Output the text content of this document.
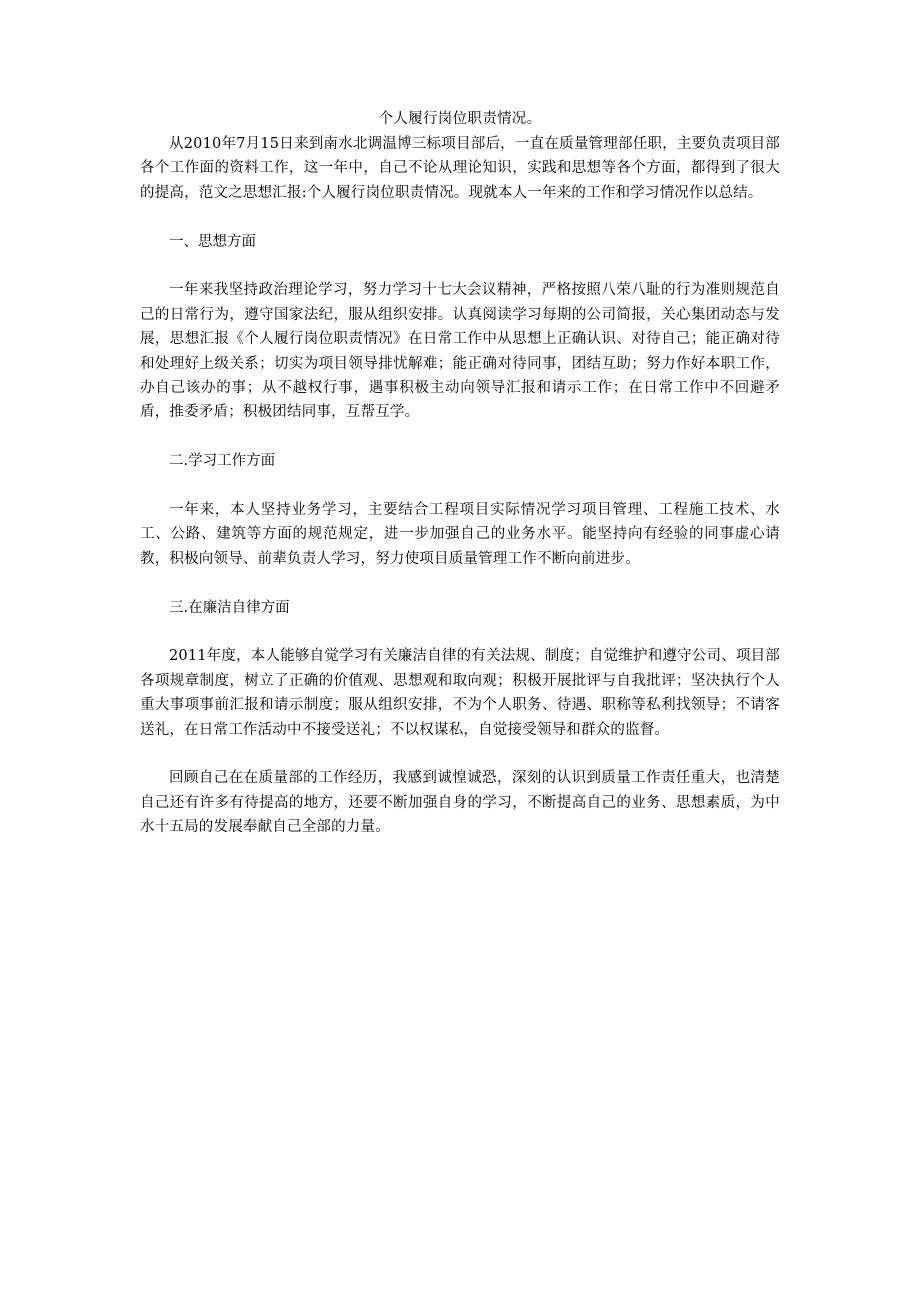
个人履行岗位职责情况。

从2010年7月15日来到南水北调温博三标项目部后，一直在质量管理部任职，主要负责项目部各个工作面的资料工作，这一年中，自己不论从理论知识，实践和思想等各个方面，都得到了很大的提高，范文之思想汇报:个人履行岗位职责情况。现就本人一年来的工作和学习情况作以总结。

一、思想方面

一年来我坚持政治理论学习，努力学习十七大会议精神，严格按照八荣八耻的行为准则规范自己的日常行为，遵守国家法纪，服从组织安排。认真阅读学习每期的公司简报，关心集团动态与发展，思想汇报《个人履行岗位职责情况》在日常工作中从思想上正确认识、对待自己；能正确对待和处理好上级关系；切实为项目领导排忧解难；能正确对待同事，团结互助；努力作好本职工作，办自己该办的事；从不越权行事，遇事积极主动向领导汇报和请示工作；在日常工作中不回避矛盾，推委矛盾；积极团结同事，互帮互学。

二.学习工作方面

一年来，本人坚持业务学习，主要结合工程项目实际情况学习项目管理、工程施工技术、水工、公路、建筑等方面的规范规定，进一步加强自己的业务水平。能坚持向有经验的同事虚心请教，积极向领导、前辈负责人学习，努力使项目质量管理工作不断向前进步。

三.在廉洁自律方面

2011年度，本人能够自觉学习有关廉洁自律的有关法规、制度；自觉维护和遵守公司、项目部各项规章制度，树立了正确的价值观、思想观和取向观；积极开展批评与自我批评；坚决执行个人重大事项事前汇报和请示制度；服从组织安排，不为个人职务、待遇、职称等私利找领导；不请客送礼，在日常工作活动中不接受送礼；不以权谋私，自觉接受领导和群众的监督。

回顾自己在在质量部的工作经历，我感到诚惶诚恐，深刻的认识到质量工作责任重大，也清楚自己还有许多有待提高的地方，还要不断加强自身的学习，不断提高自己的业务、思想素质，为中水十五局的发展奉献自己全部的力量。
